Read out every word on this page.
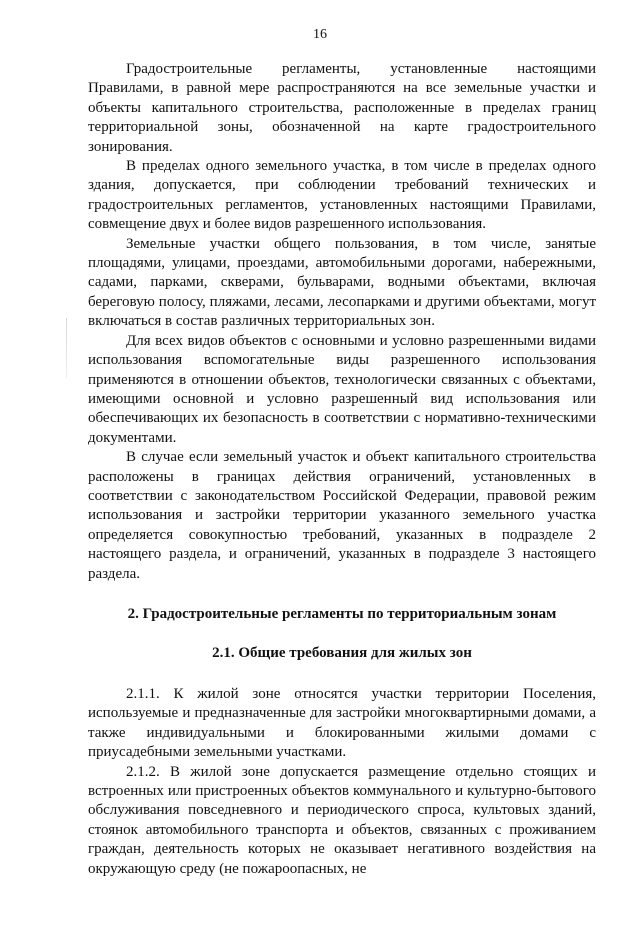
16

Градостроительные регламенты, установленные настоящими Правилами, в равной мере распространяются на все земельные участки и объекты капитального строительства, расположенные в пределах границ территориальной зоны, обозначенной на карте градостроительного зонирования.

В пределах одного земельного участка, в том числе в пределах одного здания, допускается, при соблюдении требований технических и градостроительных регламентов, установленных настоящими Правилами, совмещение двух и более видов разрешенного использования.

Земельные участки общего пользования, в том числе, занятые площадями, улицами, проездами, автомобильными дорогами, набережными, садами, парками, скверами, бульварами, водными объектами, включая береговую полосу, пляжами, лесами, лесопарками и другими объектами, могут включаться в состав различных территориальных зон.

Для всех видов объектов с основными и условно разрешенными видами использования вспомогательные виды разрешенного использования применяются в отношении объектов, технологически связанных с объектами, имеющими основной и условно разрешенный вид использования или обеспечивающих их безопасность в соответствии с нормативно-техническими документами.

В случае если земельный участок и объект капитального строительства расположены в границах действия ограничений, установленных в соответствии с законодательством Российской Федерации, правовой режим использования и застройки территории указанного земельного участка определяется совокупностью требований, указанных в подразделе 2 настоящего раздела, и ограничений, указанных в подразделе 3 настоящего раздела.

2. Градостроительные регламенты по территориальным зонам
2.1. Общие требования для жилых зон

2.1.1. К жилой зоне относятся участки территории Поселения, используемые и предназначенные для застройки многоквартирными домами, а также индивидуальными и блокированными жилыми домами с приусадебными земельными участками.

2.1.2. В жилой зоне допускается размещение отдельно стоящих и встроенных или пристроенных объектов коммунального и культурно-бытового обслуживания повседневного и периодического спроса, культовых зданий, стоянок автомобильного транспорта и объектов, связанных с проживанием граждан, деятельность которых не оказывает негативного воздействия на окружающую среду (не пожароопасных, не
